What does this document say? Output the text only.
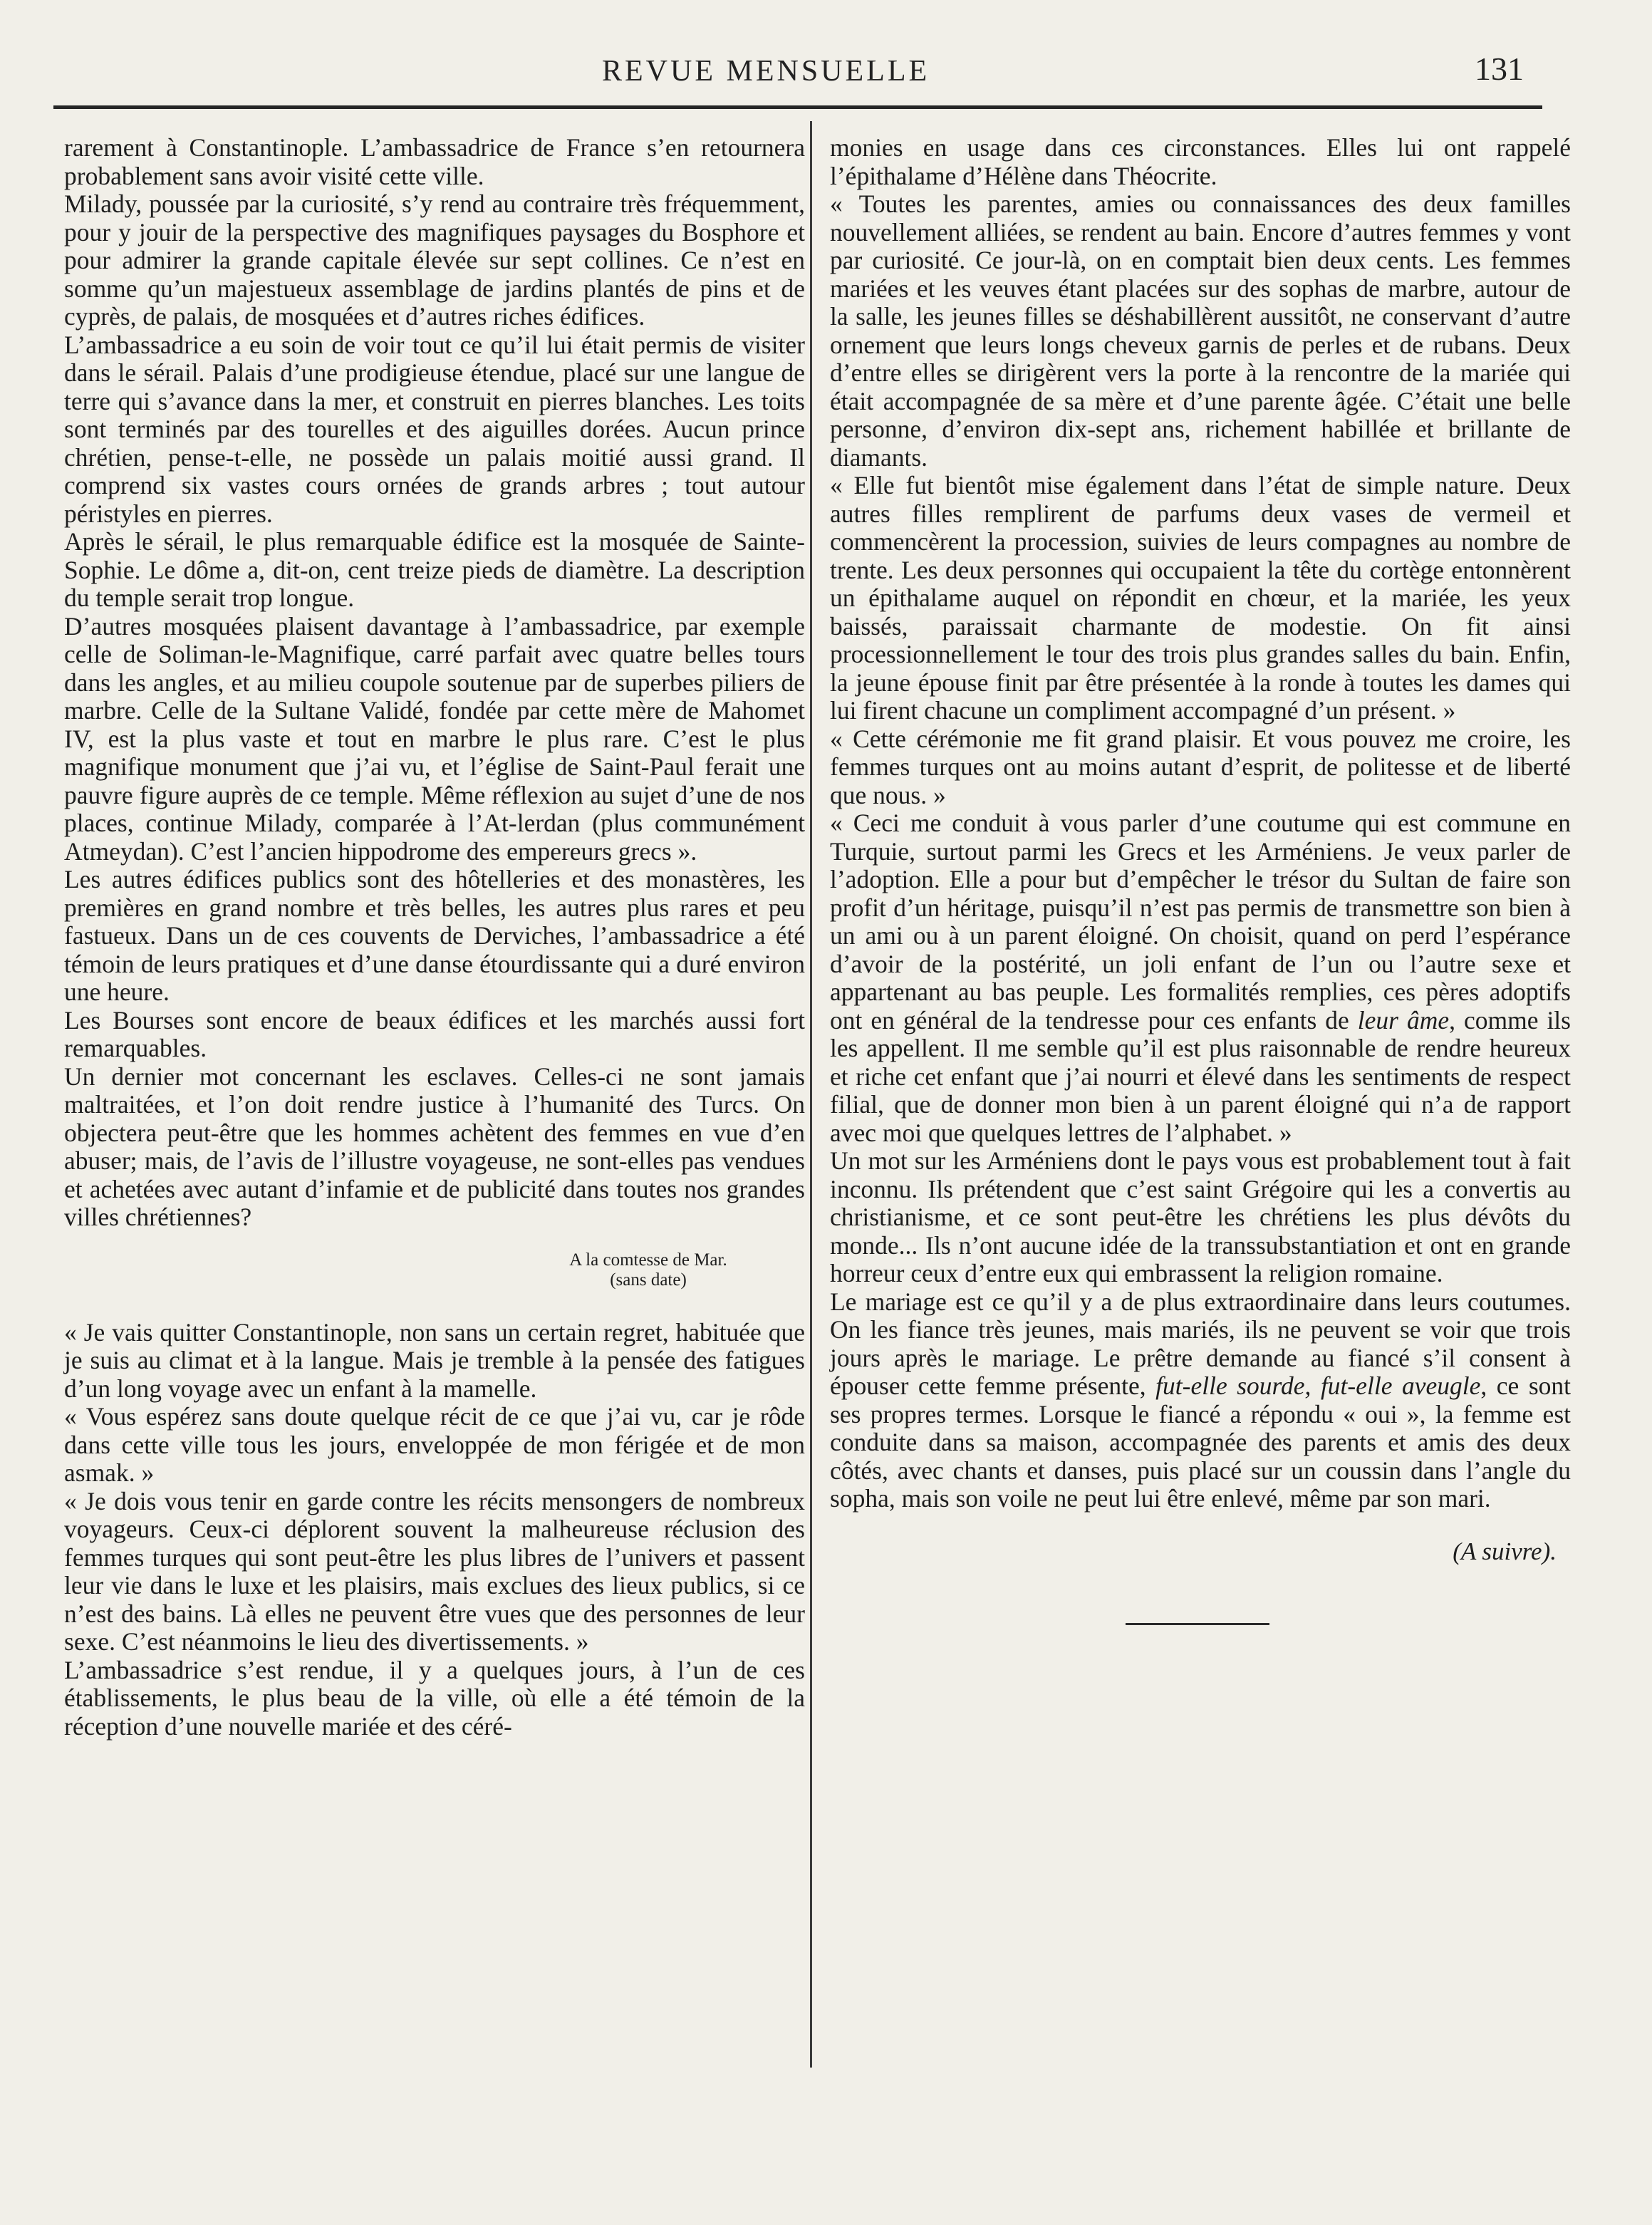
REVUE MENSUELLE	131

rarement à Constantinople. L’ambassadrice de France s’en retournera probablement sans avoir visité cette ville.

Milady, poussée par la curiosité, s’y rend au contraire très fréquemment, pour y jouir de la perspective des magnifiques paysages du Bosphore et pour admirer la grande capitale élevée sur sept collines. Ce n’est en somme qu’un majestueux assemblage de jardins plantés de pins et de cyprès, de palais, de mosquées et d’autres riches édifices.

L’ambassadrice a eu soin de voir tout ce qu’il lui était permis de visiter dans le sérail. Palais d’une prodigieuse étendue, placé sur une langue de terre qui s’avance dans la mer, et construit en pierres blanches. Les toits sont terminés par des tourelles et des aiguilles dorées. Aucun prince chrétien, pense-t-elle, ne possède un palais moitié aussi grand. Il comprend six vastes cours ornées de grands arbres ; tout autour péristyles en pierres.

Après le sérail, le plus remarquable édifice est la mosquée de Sainte-Sophie. Le dôme a, dit-on, cent treize pieds de diamètre. La description du temple serait trop longue.

D’autres mosquées plaisent davantage à l’ambassadrice, par exemple celle de Soliman-le-Magnifique, carré parfait avec quatre belles tours dans les angles, et au milieu coupole soutenue par de superbes piliers de marbre. Celle de la Sultane Validé, fondée par cette mère de Mahomet IV, est la plus vaste et tout en marbre le plus rare. C’est le plus magnifique monument que j’ai vu, et l’église de Saint-Paul ferait une pauvre figure auprès de ce temple. Même réflexion au sujet d’une de nos places, continue Milady, comparée à l’At-lerdan (plus communément Atmeydan). C’est l’ancien hippodrome des empereurs grecs ».

Les autres édifices publics sont des hôtelleries et des monastères, les premières en grand nombre et très belles, les autres plus rares et peu fastueux. Dans un de ces couvents de Derviches, l’ambassadrice a été témoin de leurs pratiques et d’une danse étourdissante qui a duré environ une heure.

Les Bourses sont encore de beaux édifices et les marchés aussi fort remarquables.

Un dernier mot concernant les esclaves. Celles-ci ne sont jamais maltraitées, et l’on doit rendre justice à l’humanité des Turcs. On objectera peut-être que les hommes achètent des femmes en vue d’en abuser; mais, de l’avis de l’illustre voyageuse, ne sont-elles pas vendues et achetées avec autant d’infamie et de publicité dans toutes nos grandes villes chrétiennes?

A la comtesse de Mar.
(sans date)

« Je vais quitter Constantinople, non sans un certain regret, habituée que je suis au climat et à la langue. Mais je tremble à la pensée des fatigues d’un long voyage avec un enfant à la mamelle.

« Vous espérez sans doute quelque récit de ce que j’ai vu, car je rôde dans cette ville tous les jours, enveloppée de mon férigée et de mon asmak. »

« Je dois vous tenir en garde contre les récits mensongers de nombreux voyageurs. Ceux-ci déplorent souvent la malheureuse réclusion des femmes turques qui sont peut-être les plus libres de l’univers et passent leur vie dans le luxe et les plaisirs, mais exclues des lieux publics, si ce n’est des bains. Là elles ne peuvent être vues que des personnes de leur sexe. C’est néanmoins le lieu des divertissements. »

L’ambassadrice s’est rendue, il y a quelques jours, à l’un de ces établissements, le plus beau de la ville, où elle a été témoin de la réception d’une nouvelle mariée et des céré-

monies en usage dans ces circonstances. Elles lui ont rappelé l’épithalame d’Hélène dans Théocrite.

« Toutes les parentes, amies ou connaissances des deux familles nouvellement alliées, se rendent au bain. Encore d’autres femmes y vont par curiosité. Ce jour-là, on en comptait bien deux cents. Les femmes mariées et les veuves étant placées sur des sophas de marbre, autour de la salle, les jeunes filles se déshabillèrent aussitôt, ne conservant d’autre ornement que leurs longs cheveux garnis de perles et de rubans. Deux d’entre elles se dirigèrent vers la porte à la rencontre de la mariée qui était accompagnée de sa mère et d’une parente âgée. C’était une belle personne, d’environ dix-sept ans, richement habillée et brillante de diamants.

« Elle fut bientôt mise également dans l’état de simple nature. Deux autres filles remplirent de parfums deux vases de vermeil et commencèrent la procession, suivies de leurs compagnes au nombre de trente. Les deux personnes qui occupaient la tête du cortège entonnèrent un épithalame auquel on répondit en chœur, et la mariée, les yeux baissés, paraissait charmante de modestie. On fit ainsi processionnellement le tour des trois plus grandes salles du bain. Enfin, la jeune épouse finit par être présentée à la ronde à toutes les dames qui lui firent chacune un compliment accompagné d’un présent. »

« Cette cérémonie me fit grand plaisir. Et vous pouvez me croire, les femmes turques ont au moins autant d’esprit, de politesse et de liberté que nous. »

« Ceci me conduit à vous parler d’une coutume qui est commune en Turquie, surtout parmi les Grecs et les Arméniens. Je veux parler de l’adoption. Elle a pour but d’empêcher le trésor du Sultan de faire son profit d’un héritage, puisqu’il n’est pas permis de transmettre son bien à un ami ou à un parent éloigné. On choisit, quand on perd l’espérance d’avoir de la postérité, un joli enfant de l’un ou l’autre sexe et appartenant au bas peuple. Les formalités remplies, ces pères adoptifs ont en général de la tendresse pour ces enfants de leur âme, comme ils les appellent. Il me semble qu’il est plus raisonnable de rendre heureux et riche cet enfant que j’ai nourri et élevé dans les sentiments de respect filial, que de donner mon bien à un parent éloigné qui n’a de rapport avec moi que quelques lettres de l’alphabet. »

Un mot sur les Arméniens dont le pays vous est probablement tout à fait inconnu. Ils prétendent que c’est saint Grégoire qui les a convertis au christianisme, et ce sont peut-être les chrétiens les plus dévôts du monde... Ils n’ont aucune idée de la transsubstantiation et ont en grande horreur ceux d’entre eux qui embrassent la religion romaine.

Le mariage est ce qu’il y a de plus extraordinaire dans leurs coutumes. On les fiance très jeunes, mais mariés, ils ne peuvent se voir que trois jours après le mariage. Le prêtre demande au fiancé s’il consent à épouser cette femme présente, fut-elle sourde, fut-elle aveugle, ce sont ses propres termes. Lorsque le fiancé a répondu « oui », la femme est conduite dans sa maison, accompagnée des parents et amis des deux côtés, avec chants et danses, puis placé sur un coussin dans l’angle du sopha, mais son voile ne peut lui être enlevé, même par son mari.

(A suivre).
